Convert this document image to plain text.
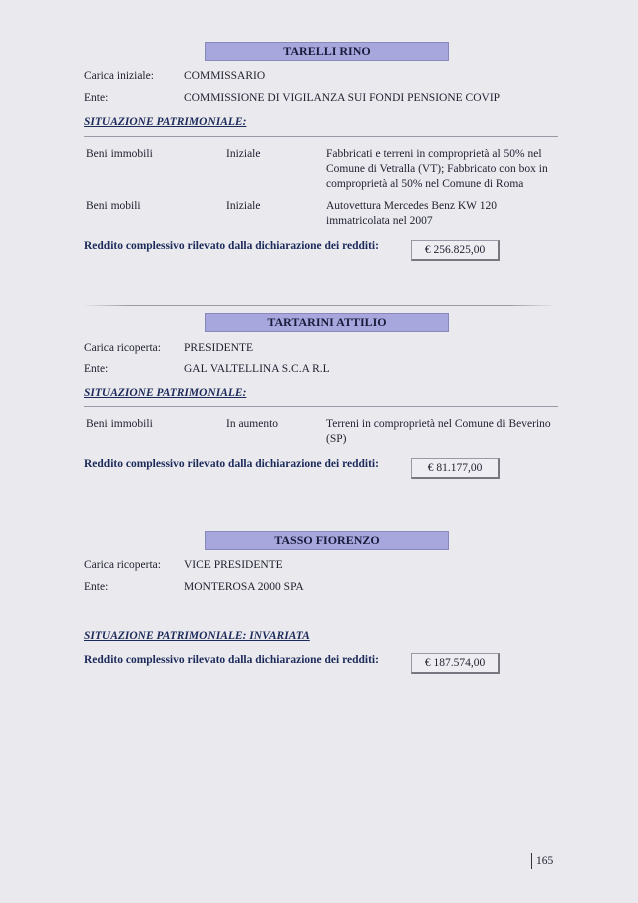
TARELLI RINO
Carica iniziale:	COMMISSARIO
Ente:	COMMISSIONE DI VIGILANZA SUI FONDI PENSIONE COVIP
SITUAZIONE PATRIMONIALE:
Beni immobili	Iniziale	Fabbricati e terreni in comproprietà al 50% nel Comune di Vetralla (VT); Fabbricato con box in comproprietà al 50% nel Comune di Roma
Beni mobili	Iniziale	Autovettura Mercedes Benz KW 120 immatricolata nel 2007
Reddito complessivo rilevato dalla dichiarazione dei redditi:	€ 256.825,00
TARTARINI ATTILIO
Carica ricoperta: PRESIDENTE
Ente:	GAL VALTELLINA S.C.A R.L
SITUAZIONE PATRIMONIALE:
Beni immobili	In aumento	Terreni in comproprietà nel Comune di Beverino (SP)
Reddito complessivo rilevato dalla dichiarazione dei redditi:	€ 81.177,00
TASSO FIORENZO
Carica ricoperta: VICE PRESIDENTE
Ente:	MONTEROSA 2000 SPA
SITUAZIONE PATRIMONIALE: INVARIATA
Reddito complessivo rilevato dalla dichiarazione dei redditi:	€ 187.574,00
165
